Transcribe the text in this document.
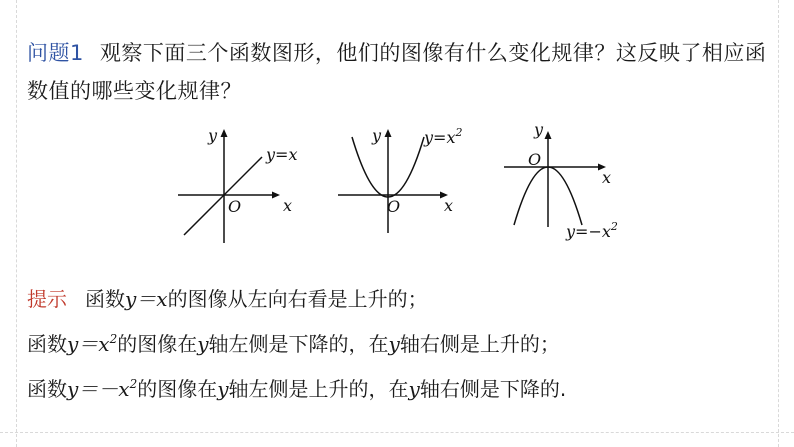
问题1 观察下面三个函数图形，他们的图像有什么变化规律？这反映了相应函数值的哪些变化规律？
y
x
O
y=x
y
x
O
$y=x^2$	y
x
O
$y=-x^2$
提示 函数y＝x的图像从左向右看是上升的；
函数$y=x^2$的图像在y轴左侧是下降的，在y轴右侧是上升的；
函数$y=-x^2$的图像在y轴左侧是上升的，在y轴右侧是下降的.
